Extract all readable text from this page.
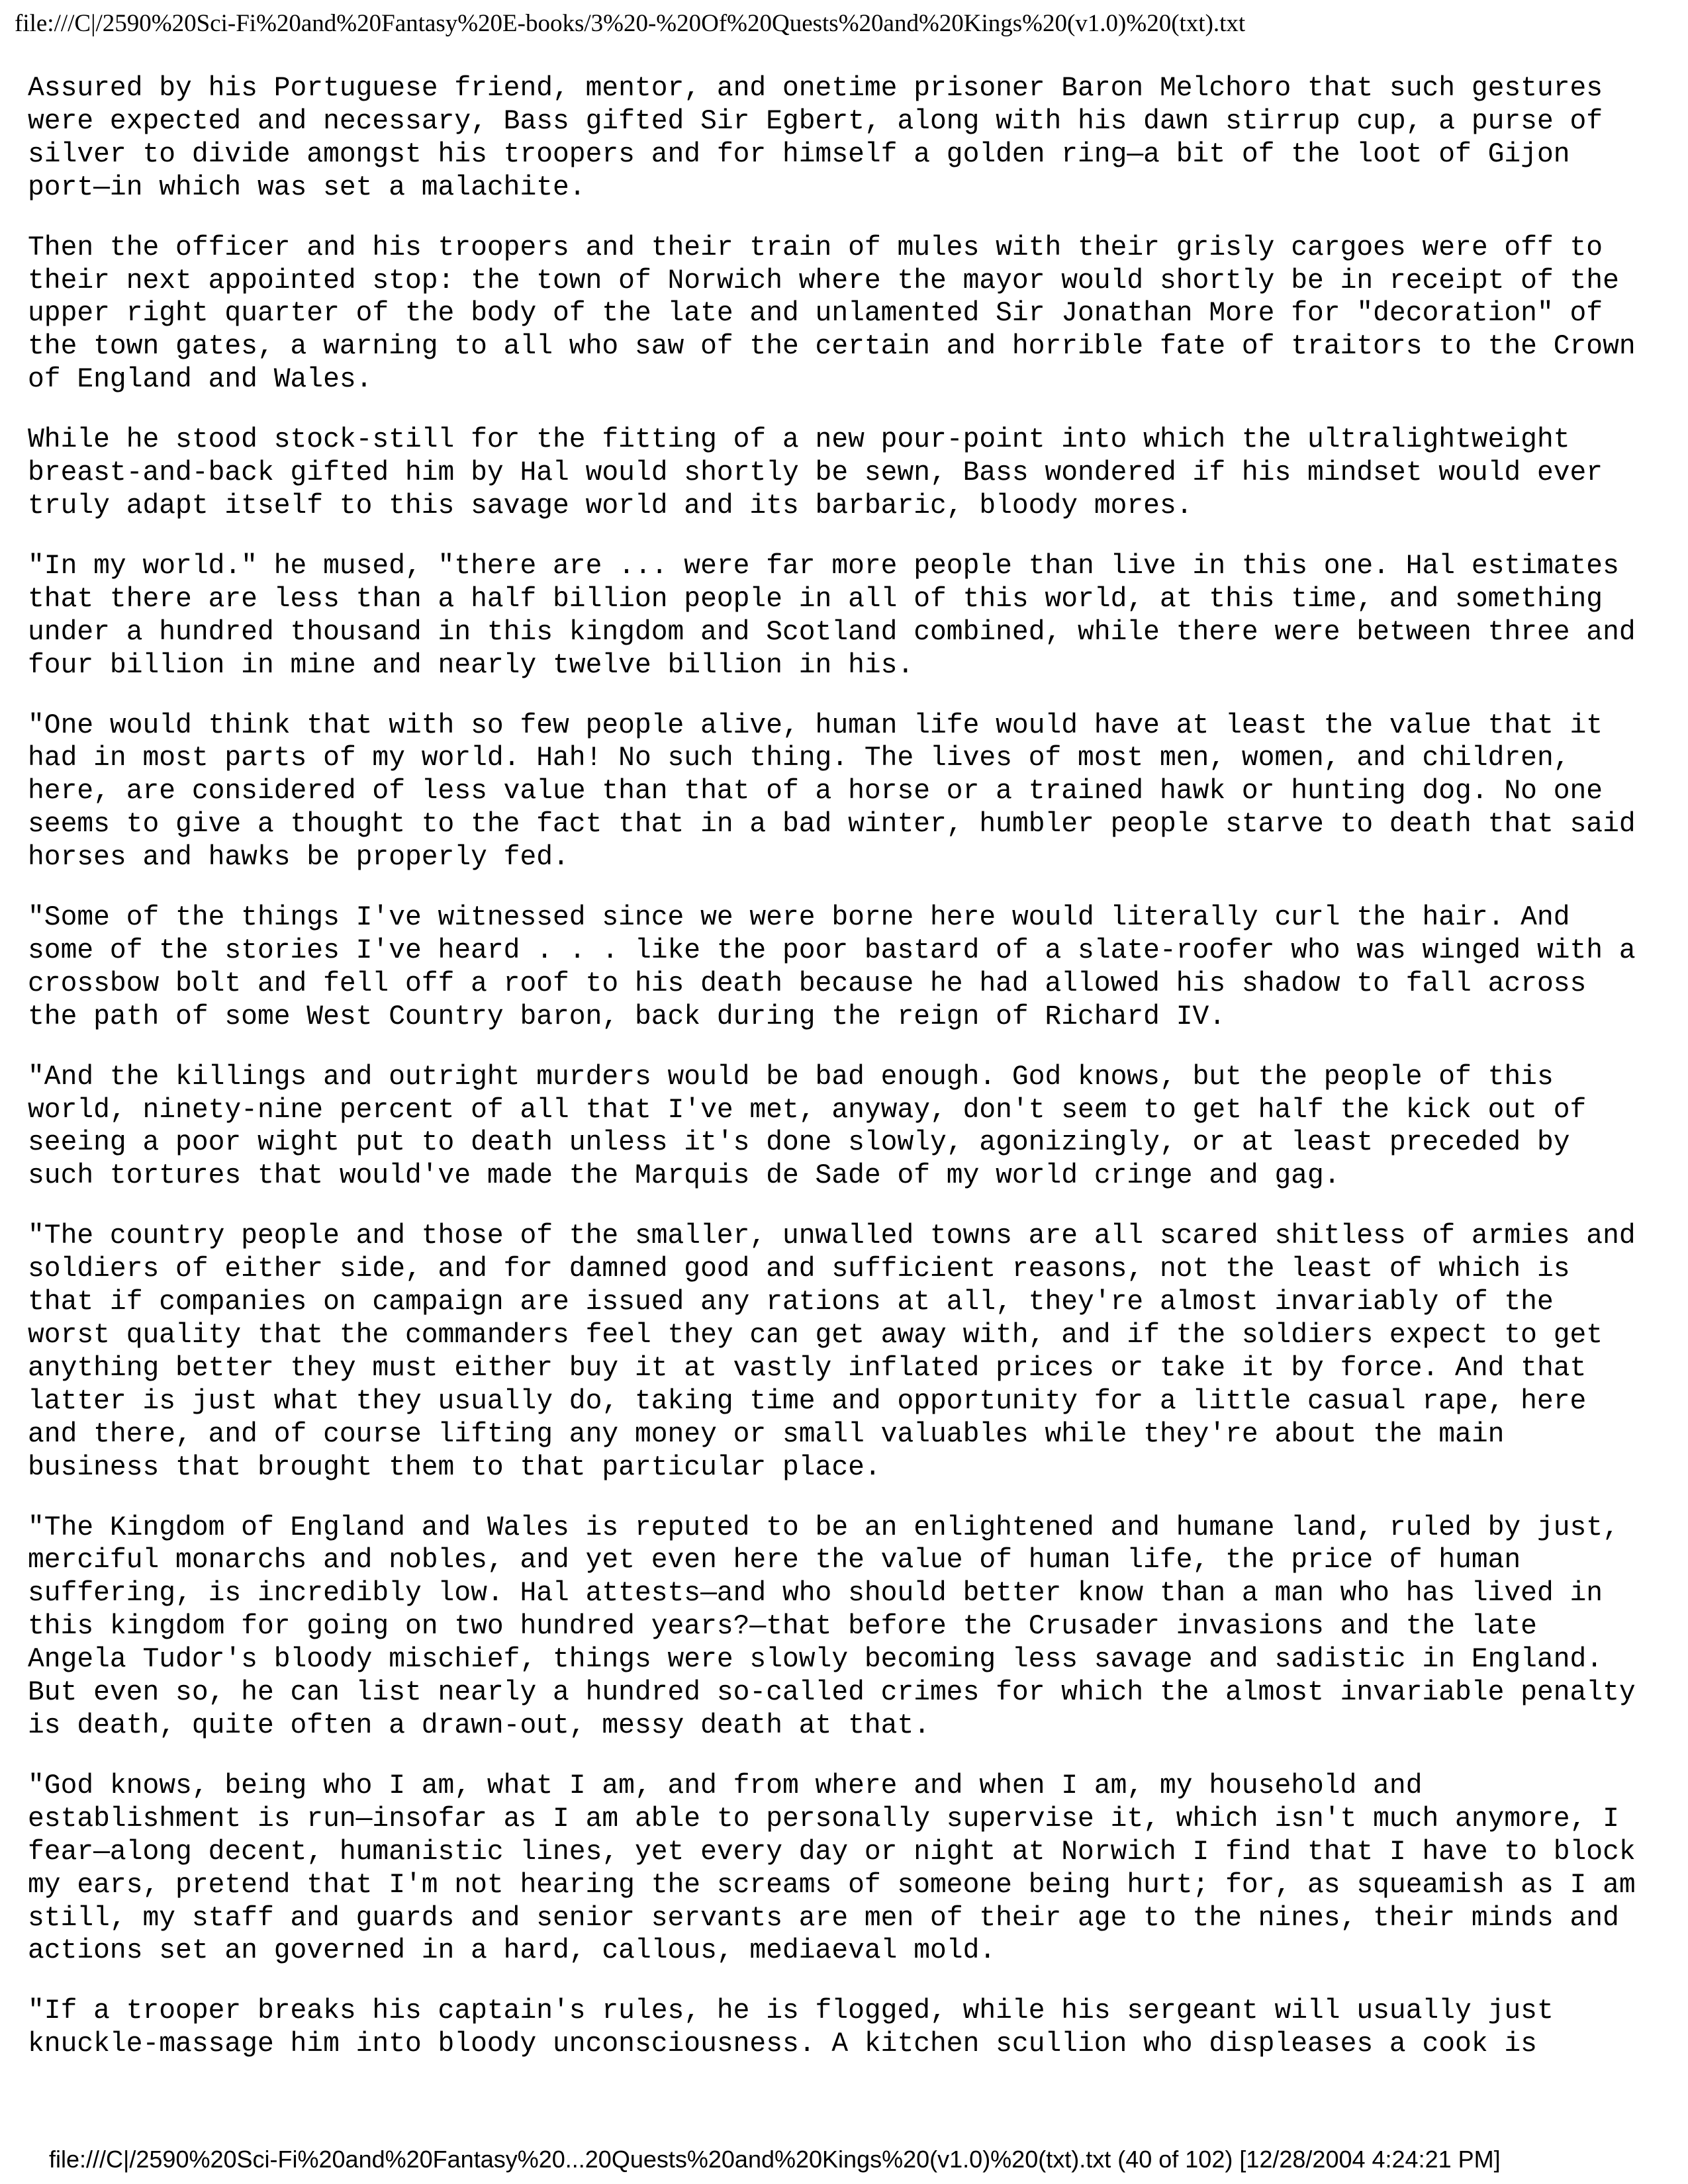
file:///C|/2590%20Sci-Fi%20and%20Fantasy%20E-books/3%20-%20Of%20Quests%20and%20Kings%20(v1.0)%20(txt).txt

Assured by his Portuguese friend, mentor, and onetime prisoner Baron Melchoro that such gestures
were expected and necessary, Bass gifted Sir Egbert, along with his dawn stirrup cup, a purse of
silver to divide amongst his troopers and for himself a golden ring—a bit of the loot of Gijon
port—in which was set a malachite.

Then the officer and his troopers and their train of mules with their grisly cargoes were off to
their next appointed stop: the town of Norwich where the mayor would shortly be in receipt of the
upper right quarter of the body of the late and unlamented Sir Jonathan More for "decoration" of
the town gates, a warning to all who saw of the certain and horrible fate of traitors to the Crown
of England and Wales.

While he stood stock-still for the fitting of a new pour-point into which the ultralightweight
breast-and-back gifted him by Hal would shortly be sewn, Bass wondered if his mindset would ever
truly adapt itself to this savage world and its barbaric, bloody mores.

"In my world." he mused, "there are ... were far more people than live in this one. Hal estimates
that there are less than a half billion people in all of this world, at this time, and something
under a hundred thousand in this kingdom and Scotland combined, while there were between three and
four billion in mine and nearly twelve billion in his.

"One would think that with so few people alive, human life would have at least the value that it
had in most parts of my world. Hah! No such thing. The lives of most men, women, and children,
here, are considered of less value than that of a horse or a trained hawk or hunting dog. No one
seems to give a thought to the fact that in a bad winter, humbler people starve to death that said
horses and hawks be properly fed.

"Some of the things I've witnessed since we were borne here would literally curl the hair. And
some of the stories I've heard . . . like the poor bastard of a slate-roofer who was winged with a
crossbow bolt and fell off a roof to his death because he had allowed his shadow to fall across
the path of some West Country baron, back during the reign of Richard IV.

"And the killings and outright murders would be bad enough. God knows, but the people of this
world, ninety-nine percent of all that I've met, anyway, don't seem to get half the kick out of
seeing a poor wight put to death unless it's done slowly, agonizingly, or at least preceded by
such tortures that would've made the Marquis de Sade of my world cringe and gag.

"The country people and those of the smaller, unwalled towns are all scared shitless of armies and
soldiers of either side, and for damned good and sufficient reasons, not the least of which is
that if companies on campaign are issued any rations at all, they're almost invariably of the
worst quality that the commanders feel they can get away with, and if the soldiers expect to get
anything better they must either buy it at vastly inflated prices or take it by force. And that
latter is just what they usually do, taking time and opportunity for a little casual rape, here
and there, and of course lifting any money or small valuables while they're about the main
business that brought them to that particular place.

"The Kingdom of England and Wales is reputed to be an enlightened and humane land, ruled by just,
merciful monarchs and nobles, and yet even here the value of human life, the price of human
suffering, is incredibly low. Hal attests—and who should better know than a man who has lived in
this kingdom for going on two hundred years?—that before the Crusader invasions and the late
Angela Tudor's bloody mischief, things were slowly becoming less savage and sadistic in England.
But even so, he can list nearly a hundred so-called crimes for which the almost invariable penalty
is death, quite often a drawn-out, messy death at that.

"God knows, being who I am, what I am, and from where and when I am, my household and
establishment is run—insofar as I am able to personally supervise it, which isn't much anymore, I
fear—along decent, humanistic lines, yet every day or night at Norwich I find that I have to block
my ears, pretend that I'm not hearing the screams of someone being hurt; for, as squeamish as I am
still, my staff and guards and senior servants are men of their age to the nines, their minds and
actions set an governed in a hard, callous, mediaeval mold.

"If a trooper breaks his captain's rules, he is flogged, while his sergeant will usually just
knuckle-massage him into bloody unconsciousness. A kitchen scullion who displeases a cook is

file:///C|/2590%20Sci-Fi%20and%20Fantasy%20...20Quests%20and%20Kings%20(v1.0)%20(txt).txt (40 of 102) [12/28/2004 4:24:21 PM]
